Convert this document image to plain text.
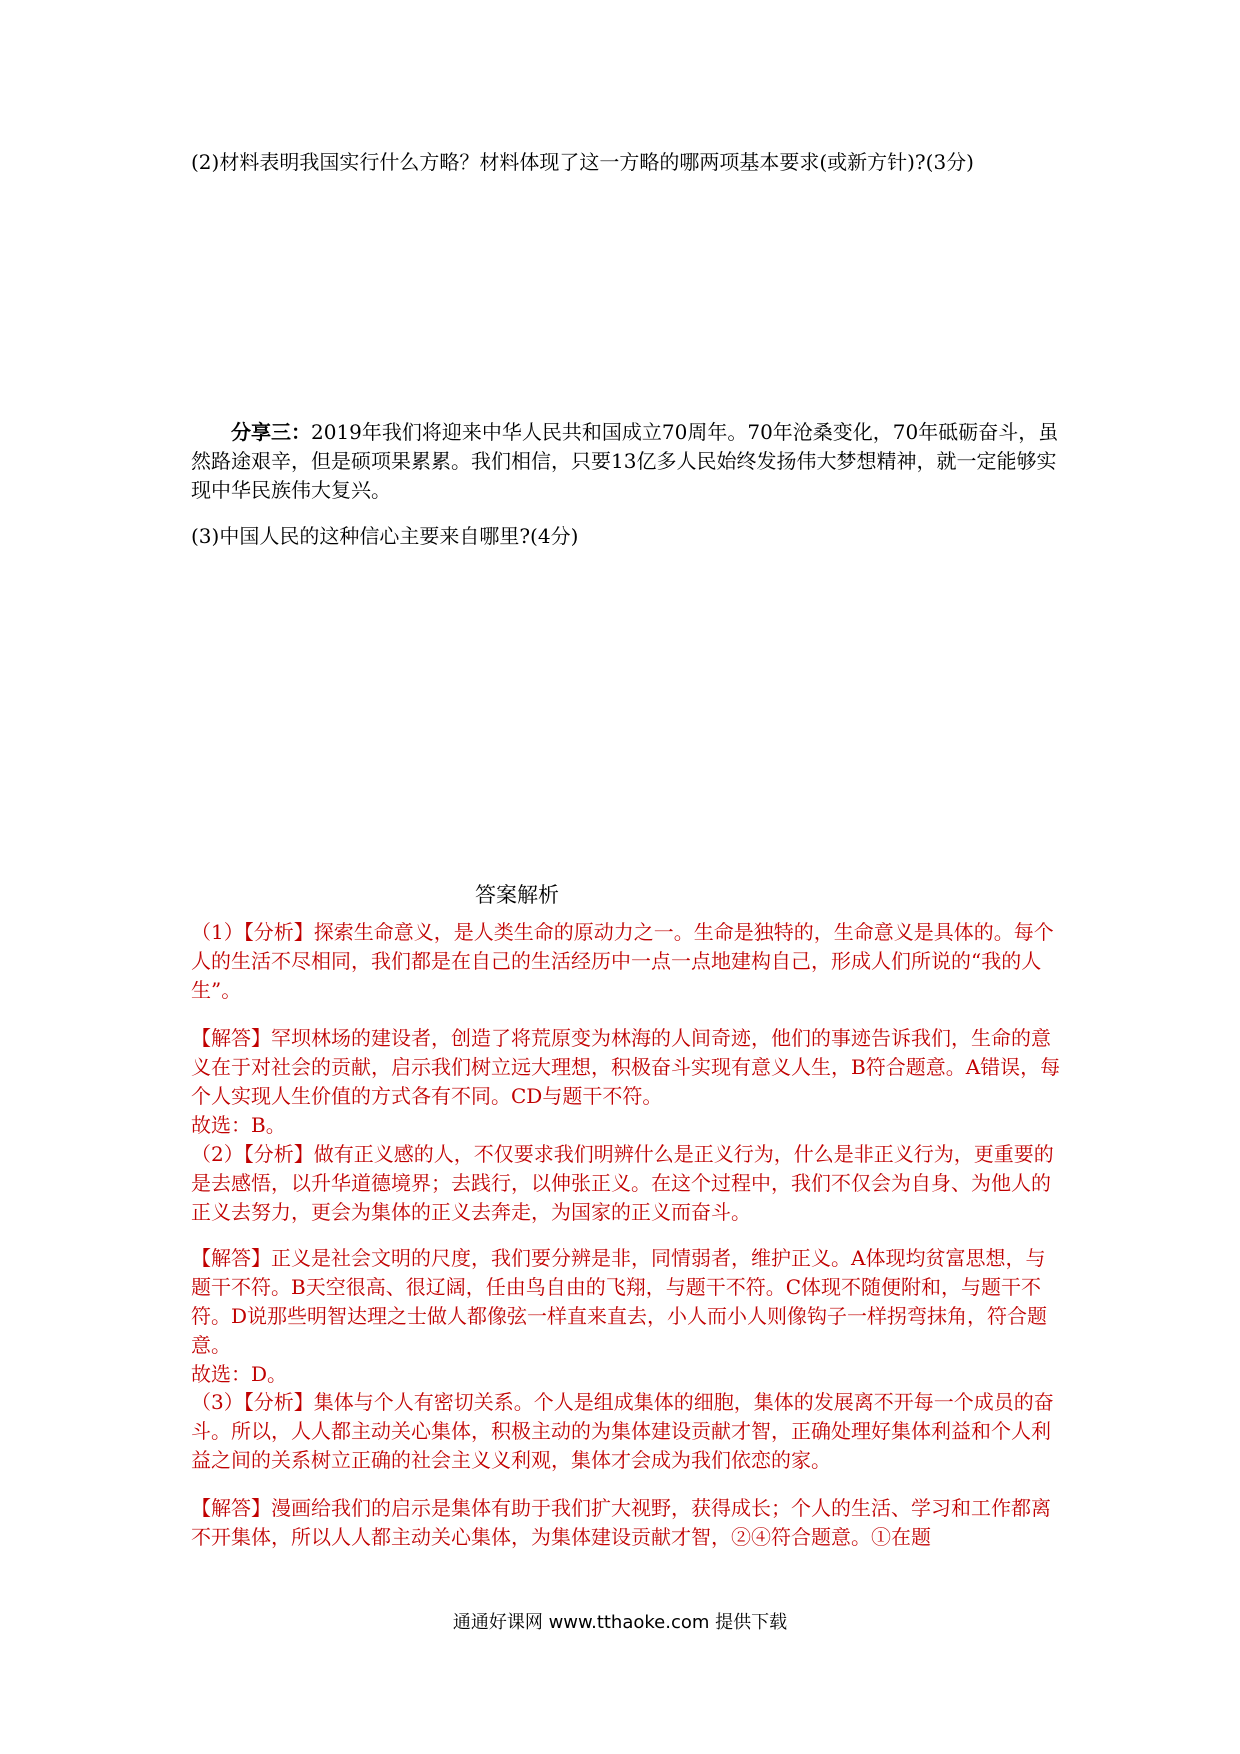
(2)材料表明我国实行什么方略？材料体现了这一方略的哪两项基本要求(或新方针)?(3分)

分享三：2019年我们将迎来中华人民共和国成立70周年。70年沧桑变化，70年砥砺奋斗，虽然路途艰辛，但是硕项果累累。我们相信，只要13亿多人民始终发扬伟大梦想精神，就一定能够实现中华民族伟大复兴。

(3)中国人民的这种信心主要来自哪里?(4分)

答案解析

（1）【分析】探索生命意义，是人类生命的原动力之一。生命是独特的，生命意义是具体的。每个人的生活不尽相同，我们都是在自己的生活经历中一点一点地建构自己，形成人们所说的“我的人生”。

【解答】罕坝林场的建设者，创造了将荒原变为林海的人间奇迹，他们的事迹告诉我们，生命的意义在于对社会的贡献，启示我们树立远大理想，积极奋斗实现有意义人生，B符合题意。A错误，每个人实现人生价值的方式各有不同。CD与题干不符。

故选：B。

（2）【分析】做有正义感的人，不仅要求我们明辨什么是正义行为，什么是非正义行为，更重要的是去感悟，以升华道德境界；去践行，以伸张正义。在这个过程中，我们不仅会为自身、为他人的正义去努力，更会为集体的正义去奔走，为国家的正义而奋斗。

【解答】正义是社会文明的尺度，我们要分辨是非，同情弱者，维护正义。A体现均贫富思想，与题干不符。B天空很高、很辽阔，任由鸟自由的飞翔，与题干不符。C体现不随便附和，与题干不符。D说那些明智达理之士做人都像弦一样直来直去，小人而小人则像钩子一样拐弯抹角，符合题意。

故选：D。

（3）【分析】集体与个人有密切关系。个人是组成集体的细胞，集体的发展离不开每一个成员的奋斗。所以，人人都主动关心集体，积极主动的为集体建设贡献才智，正确处理好集体利益和个人利益之间的关系树立正确的社会主义义利观，集体才会成为我们依恋的家。

【解答】漫画给我们的启示是集体有助于我们扩大视野，获得成长；个人的生活、学习和工作都离不开集体，所以人人都主动关心集体，为集体建设贡献才智，②④符合题意。①在题

通通好课网 www.tthaoke.com 提供下载
